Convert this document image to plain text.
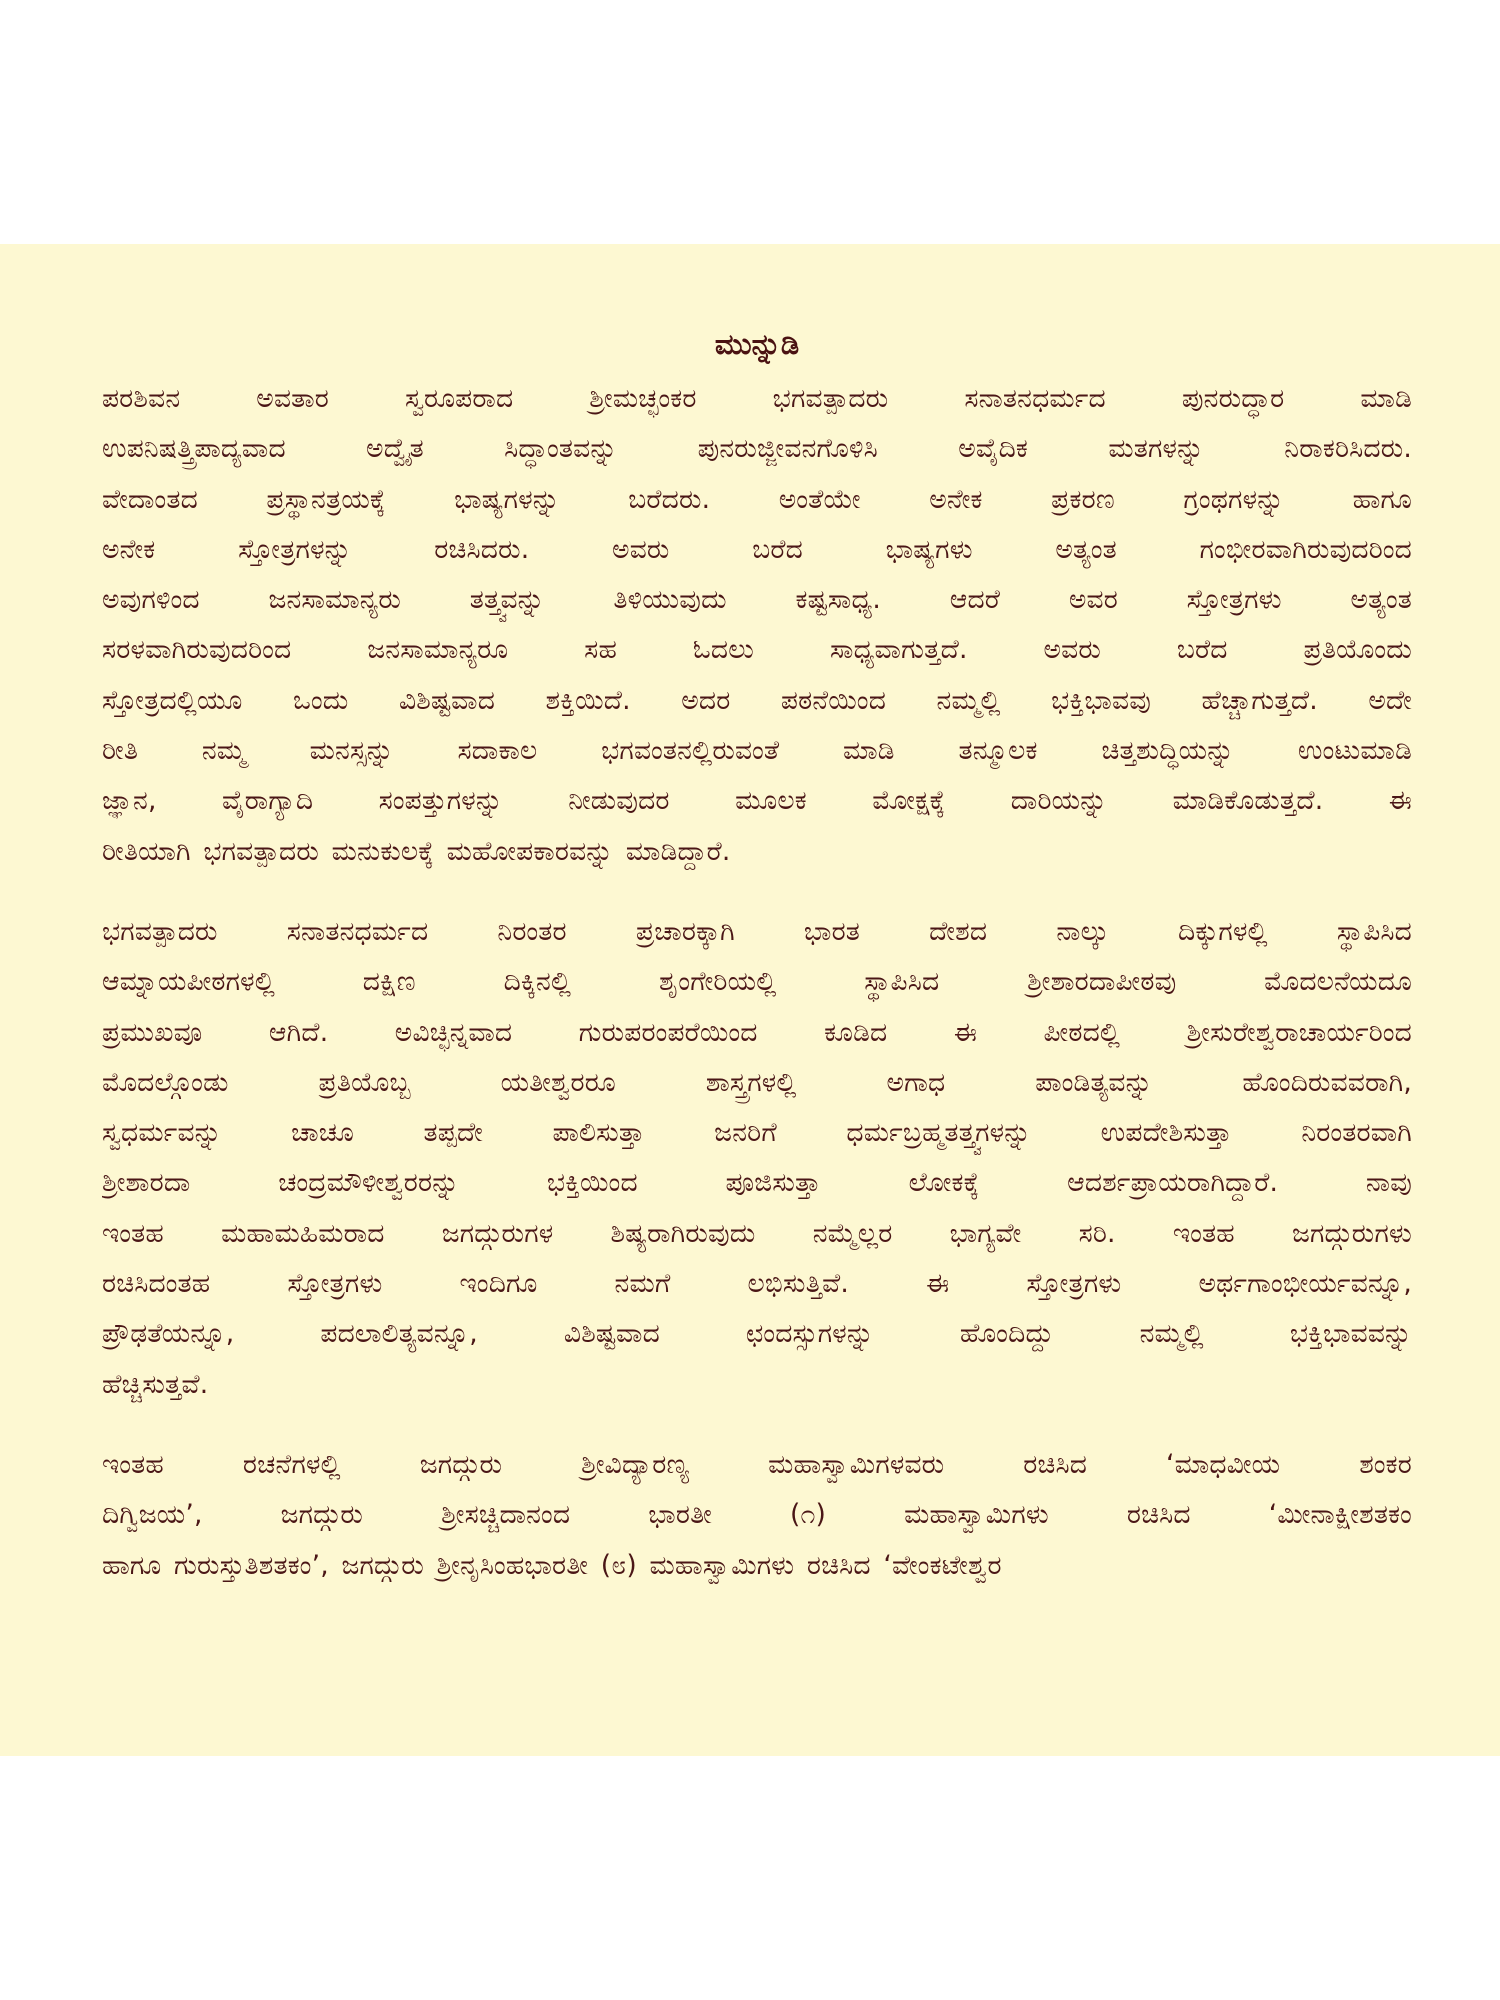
ಮುನ್ನುಡಿ

ಪರಶಿವನ ಅವತಾರ ಸ್ವರೂಪರಾದ ಶ್ರೀಮಚ್ಛಂಕರ ಭಗವತ್ಪಾದರು ಸನಾತನಧರ್ಮದ ಪುನರುದ್ಧಾರ ಮಾಡಿ
ಉಪನಿಷತ್ತ್ರಿಪಾದ್ಯವಾದ ಅದ್ವೈತ ಸಿದ್ಧಾಂತವನ್ನು ಪುನರುಜ್ಜೀವನಗೊಳಿಸಿ ಅವೈದಿಕ ಮತಗಳನ್ನು ನಿರಾಕರಿಸಿದರು.
ವೇದಾಂತದ ಪ್ರಸ್ಥಾನತ್ರಯಕ್ಕೆ ಭಾಷ್ಯಗಳನ್ನು ಬರೆದರು. ಅಂತೆಯೇ ಅನೇಕ ಪ್ರಕರಣ ಗ್ರಂಥಗಳನ್ನು ಹಾಗೂ
ಅನೇಕ ಸ್ತೋತ್ರಗಳನ್ನು ರಚಿಸಿದರು. ಅವರು ಬರೆದ ಭಾಷ್ಯಗಳು ಅತ್ಯಂತ ಗಂಭೀರವಾಗಿರುವುದರಿಂದ
ಅವುಗಳಿಂದ ಜನಸಾಮಾನ್ಯರು ತತ್ತ್ವವನ್ನು ತಿಳಿಯುವುದು ಕಷ್ಟಸಾಧ್ಯ. ಆದರೆ ಅವರ ಸ್ತೋತ್ರಗಳು ಅತ್ಯಂತ
ಸರಳವಾಗಿರುವುದರಿಂದ ಜನಸಾಮಾನ್ಯರೂ ಸಹ ಓದಲು ಸಾಧ್ಯವಾಗುತ್ತದೆ. ಅವರು ಬರೆದ ಪ್ರತಿಯೊಂದು
ಸ್ತೋತ್ರದಲ್ಲಿಯೂ ಒಂದು ವಿಶಿಷ್ಟವಾದ ಶಕ್ತಿಯಿದೆ. ಅದರ ಪಠನೆಯಿಂದ ನಮ್ಮಲ್ಲಿ ಭಕ್ತಿಭಾವವು ಹೆಚ್ಚಾಗುತ್ತದೆ. ಅದೇ
ರೀತಿ ನಮ್ಮ ಮನಸ್ಸನ್ನು ಸದಾಕಾಲ ಭಗವಂತನಲ್ಲಿರುವಂತೆ ಮಾಡಿ ತನ್ಮೂಲಕ ಚಿತ್ತಶುದ್ಧಿಯನ್ನು ಉಂಟುಮಾಡಿ
ಜ್ಞಾನ, ವೈರಾಗ್ಯಾದಿ ಸಂಪತ್ತುಗಳನ್ನು ನೀಡುವುದರ ಮೂಲಕ ಮೋಕ್ಷಕ್ಕೆ ದಾರಿಯನ್ನು ಮಾಡಿಕೊಡುತ್ತದೆ. ಈ
ರೀತಿಯಾಗಿ ಭಗವತ್ಪಾದರು ಮನುಕುಲಕ್ಕೆ ಮಹೋಪಕಾರವನ್ನು ಮಾಡಿದ್ದಾರೆ.

ಭಗವತ್ಪಾದರು ಸನಾತನಧರ್ಮದ ನಿರಂತರ ಪ್ರಚಾರಕ್ಕಾಗಿ ಭಾರತ ದೇಶದ ನಾಲ್ಕು ದಿಕ್ಕುಗಳಲ್ಲಿ ಸ್ಥಾಪಿಸಿದ
ಆಮ್ನಾಯಪೀಠಗಳಲ್ಲಿ ದಕ್ಷಿಣ ದಿಕ್ಕಿನಲ್ಲಿ ಶೃಂಗೇರಿಯಲ್ಲಿ ಸ್ಥಾಪಿಸಿದ ಶ್ರೀಶಾರದಾಪೀಠವು ಮೊದಲನೆಯದೂ
ಪ್ರಮುಖವೂ ಆಗಿದೆ. ಅವಿಚ್ಛಿನ್ನವಾದ ಗುರುಪರಂಪರೆಯಿಂದ ಕೂಡಿದ ಈ ಪೀಠದಲ್ಲಿ ಶ್ರೀಸುರೇಶ್ವರಾಚಾರ್ಯರಿಂದ
ಮೊದಲ್ಗೊಂಡು ಪ್ರತಿಯೊಬ್ಬ ಯತೀಶ್ವರರೂ ಶಾಸ್ತ್ರಗಳಲ್ಲಿ ಅಗಾಧ ಪಾಂಡಿತ್ಯವನ್ನು ಹೊಂದಿರುವವರಾಗಿ,
ಸ್ವಧರ್ಮವನ್ನು ಚಾಚೂ ತಪ್ಪದೇ ಪಾಲಿಸುತ್ತಾ ಜನರಿಗೆ ಧರ್ಮಬ್ರಹ್ಮತತ್ತ್ವಗಳನ್ನು ಉಪದೇಶಿಸುತ್ತಾ ನಿರಂತರವಾಗಿ
ಶ್ರೀಶಾರದಾ ಚಂದ್ರಮೌಳೀಶ್ವರರನ್ನು ಭಕ್ತಿಯಿಂದ ಪೂಜಿಸುತ್ತಾ ಲೋಕಕ್ಕೆ ಆದರ್ಶಪ್ರಾಯರಾಗಿದ್ದಾರೆ. ನಾವು
ಇಂತಹ ಮಹಾಮಹಿಮರಾದ ಜಗದ್ಗುರುಗಳ ಶಿಷ್ಯರಾಗಿರುವುದು ನಮ್ಮೆಲ್ಲರ ಭಾಗ್ಯವೇ ಸರಿ. ಇಂತಹ ಜಗದ್ಗುರುಗಳು
ರಚಿಸಿದಂತಹ ಸ್ತೋತ್ರಗಳು ಇಂದಿಗೂ ನಮಗೆ ಲಭಿಸುತ್ತಿವೆ. ಈ ಸ್ತೋತ್ರಗಳು ಅರ್ಥಗಾಂಭೀರ್ಯವನ್ನೂ,
ಪ್ರೌಢತೆಯನ್ನೂ, ಪದಲಾಲಿತ್ಯವನ್ನೂ, ವಿಶಿಷ್ಟವಾದ ಛಂದಸ್ಸುಗಳನ್ನು ಹೊಂದಿದ್ದು ನಮ್ಮಲ್ಲಿ ಭಕ್ತಿಭಾವವನ್ನು
ಹೆಚ್ಚಿಸುತ್ತವೆ.

ಇಂತಹ ರಚನೆಗಳಲ್ಲಿ ಜಗದ್ಗುರು ಶ್ರೀವಿದ್ಯಾರಣ್ಯ ಮಹಾಸ್ವಾಮಿಗಳವರು ರಚಿಸಿದ ‘ಮಾಧವೀಯ ಶಂಕರ
ದಿಗ್ವಿಜಯ’, ಜಗದ್ಗುರು ಶ್ರೀಸಚ್ಚಿದಾನಂದ ಭಾರತೀ (೧) ಮಹಾಸ್ವಾಮಿಗಳು ರಚಿಸಿದ ‘ಮೀನಾಕ್ಷೀಶತಕಂ
ಹಾಗೂ ಗುರುಸ್ತುತಿಶತಕಂ’, ಜಗದ್ಗುರು ಶ್ರೀನೃಸಿಂಹಭಾರತೀ (೮) ಮಹಾಸ್ವಾಮಿಗಳು ರಚಿಸಿದ ‘ವೇಂಕಟೇಶ್ವರ
